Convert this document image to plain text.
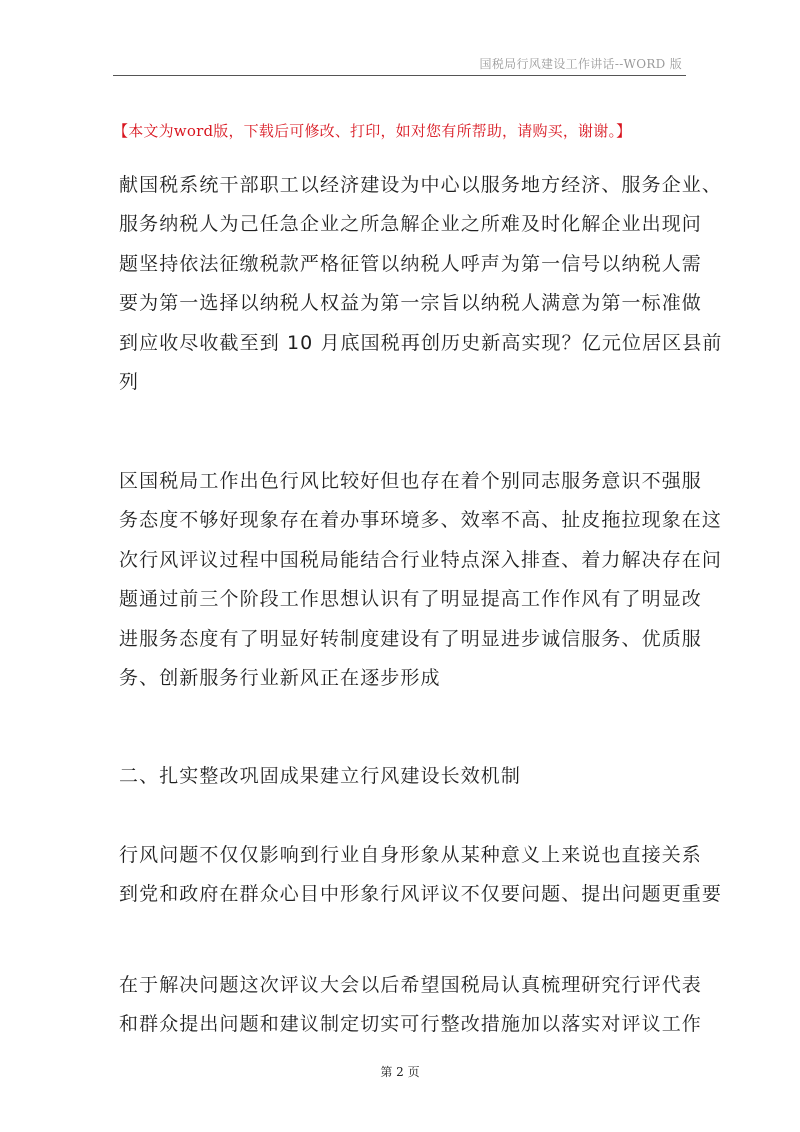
国税局行风建设工作讲话--WORD 版
【本文为word版，下载后可修改、打印，如对您有所帮助，请购买，谢谢。】
献国税系统干部职工以经济建设为中心以服务地方经济、服务企业、
服务纳税人为己任急企业之所急解企业之所难及时化解企业出现问
题坚持依法征缴税款严格征管以纳税人呼声为第一信号以纳税人需
要为第一选择以纳税人权益为第一宗旨以纳税人满意为第一标准做
到应收尽收截至到 10 月底国税再创历史新高实现？亿元位居区县前
列
区国税局工作出色行风比较好但也存在着个别同志服务意识不强服
务态度不够好现象存在着办事环境多、效率不高、扯皮拖拉现象在这
次行风评议过程中国税局能结合行业特点深入排查、着力解决存在问
题通过前三个阶段工作思想认识有了明显提高工作作风有了明显改
进服务态度有了明显好转制度建设有了明显进步诚信服务、优质服
务、创新服务行业新风正在逐步形成
二、扎实整改巩固成果建立行风建设长效机制
行风问题不仅仅影响到行业自身形象从某种意义上来说也直接关系
到党和政府在群众心目中形象行风评议不仅要问题、提出问题更重要
在于解决问题这次评议大会以后希望国税局认真梳理研究行评代表
和群众提出问题和建议制定切实可行整改措施加以落实对评议工作
第 2 页
